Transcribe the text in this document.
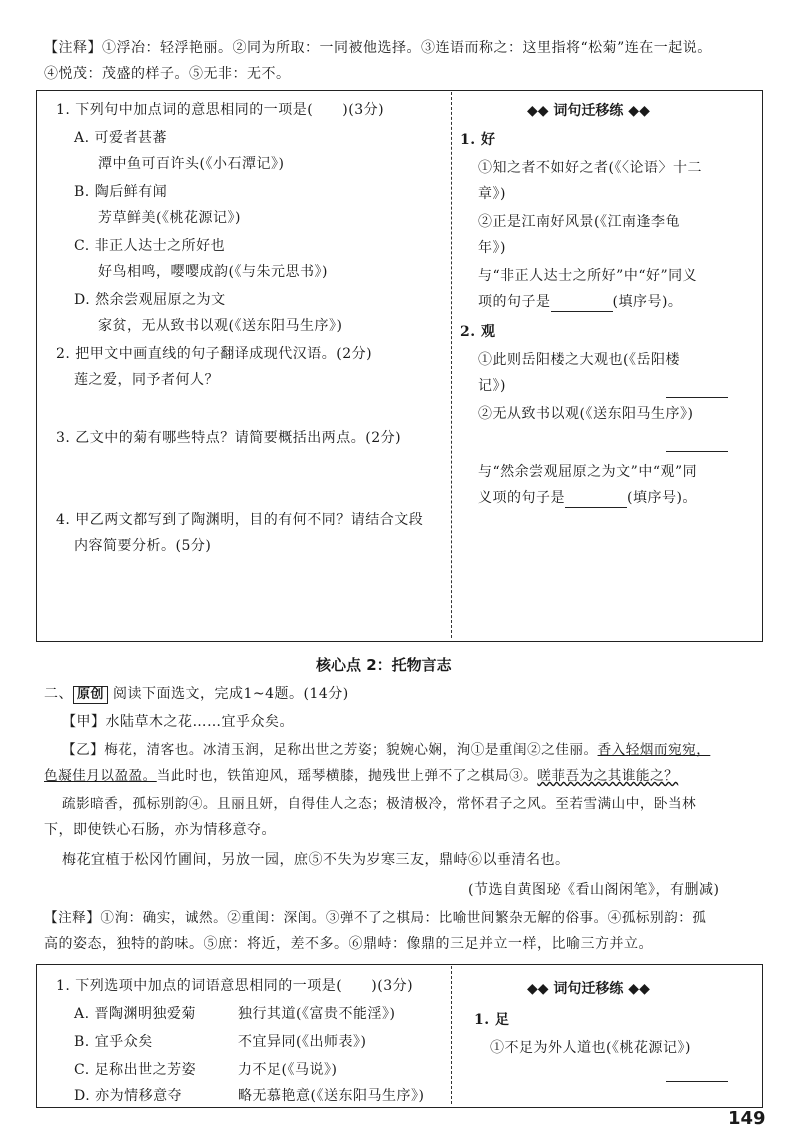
【注释】①浮冶：轻浮艳丽。②同为所取：一同被他选择。③连语而称之：这里指将“松菊”连在一起说。
④悦茂：茂盛的样子。⑤无非：无不。
1. 下列句中加点词的意思相同的一项是(　　)(3分)
A. 可爱者甚蕃
潭中鱼可百许头(《小石潭记》)
B. 陶后鲜有闻
芳草鲜美(《桃花源记》)
C. 非正人达士之所好也
好鸟相鸣，嘤嘤成韵(《与朱元思书》)
D. 然余尝观屈原之为文
家贫，无从致书以观(《送东阳马生序》)
2. 把甲文中画直线的句子翻译成现代汉语。(2分)
莲之爱，同予者何人？
3. 乙文中的菊有哪些特点？请简要概括出两点。(2分)
4. 甲乙两文都写到了陶渊明，目的有何不同？请结合文段
内容简要分析。(5分)
◆◆ 词句迁移练 ◆◆
1. 好
①知之者不如好之者(《〈论语〉十二
章》)
②正是江南好风景(《江南逢李龟
年》)
与“非正人达士之所好”中“好”同义
项的句子是	(填序号)。
2. 观
①此则岳阳楼之大观也(《岳阳楼
记》)
②无从致书以观(《送东阳马生序》)
与“然余尝观屈原之为文”中“观”同
义项的句子是	(填序号)。
核心点 2：托物言志
二、 原创 阅读下面选文，完成1~4题。(14分)
【甲】水陆草木之花……宜乎众矣。
【乙】梅花，清客也。冰清玉润，足称出世之芳姿；貌婉心娴，洵①是重闺②之佳丽。香入轻烟而宛宛，
色凝佳月以盈盈。当此时也，铁笛迎风，瑶琴横膝，抛残世上弹不了之棋局③。嗟菲吾为之其谁能之？
疏影暗香，孤标别韵④。且丽且妍，自得佳人之态；极清极冷，常怀君子之风。至若雪满山中，卧当林
下，即使铁心石肠，亦为情移意夺。
梅花宜植于松冈竹圃间，另放一园，庶⑤不失为岁寒三友，鼎峙⑥以垂清名也。
(节选自黄图珌《看山阁闲笔》，有删减)
【注释】①洵：确实，诚然。②重闺：深闺。③弹不了之棋局：比喻世间繁杂无解的俗事。④孤标别韵：孤
高的姿态，独特的韵味。⑤庶：将近，差不多。⑥鼎峙：像鼎的三足并立一样，比喻三方并立。
1. 下列选项中加点的词语意思相同的一项是(　　)(3分)
A. 晋陶渊明独爱菊	独行其道(《富贵不能淫》)
B. 宜乎众矣	不宜异同(《出师表》)
C. 足称出世之芳姿	力不足(《马说》)
D. 亦为情移意夺	略无慕艳意(《送东阳马生序》)
◆◆ 词句迁移练 ◆◆
1. 足
①不足为外人道也(《桃花源记》)
149
